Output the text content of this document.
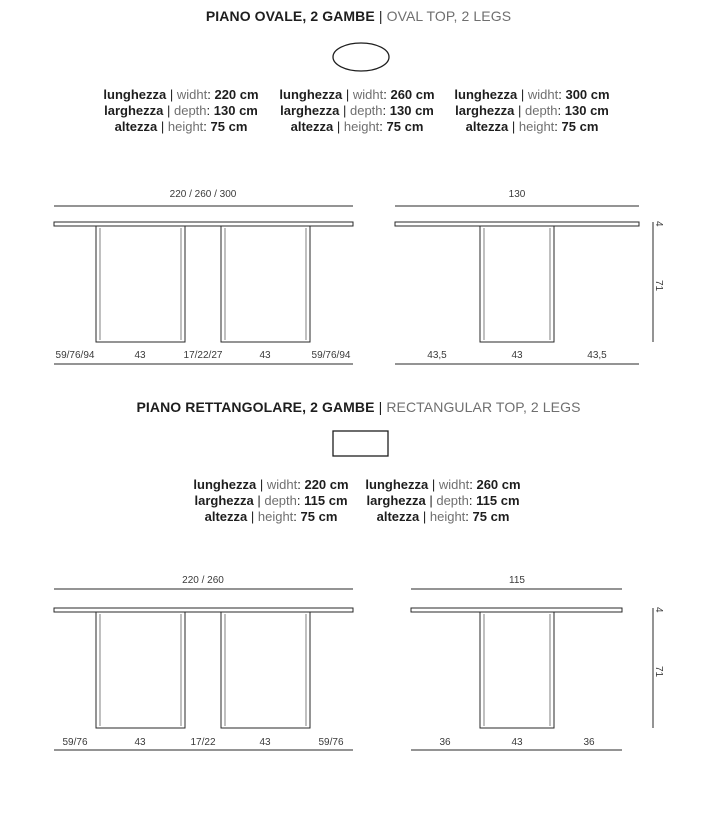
PIANO OVALE, 2 GAMBE | OVAL TOP, 2 LEGS
lunghezza | widht: 220 cm
larghezza | depth: 130 cm
altezza | height: 75 cm
lunghezza | widht: 260 cm
larghezza | depth: 130 cm
altezza | height: 75 cm
lunghezza | widht: 300 cm
larghezza | depth: 130 cm
altezza | height: 75 cm
220 / 260 / 300
59/76/94	43	17/22/27	43	59/76/94
130
43,5	43	43,5
4
71
PIANO RETTANGOLARE, 2 GAMBE | RECTANGULAR TOP, 2 LEGS
lunghezza | widht: 220 cm
larghezza | depth: 115 cm
altezza | height: 75 cm
lunghezza | widht: 260 cm
larghezza | depth: 115 cm
altezza | height: 75 cm
220 / 260
59/76	43	17/22	43	59/76
115
36	43	36
4
71
